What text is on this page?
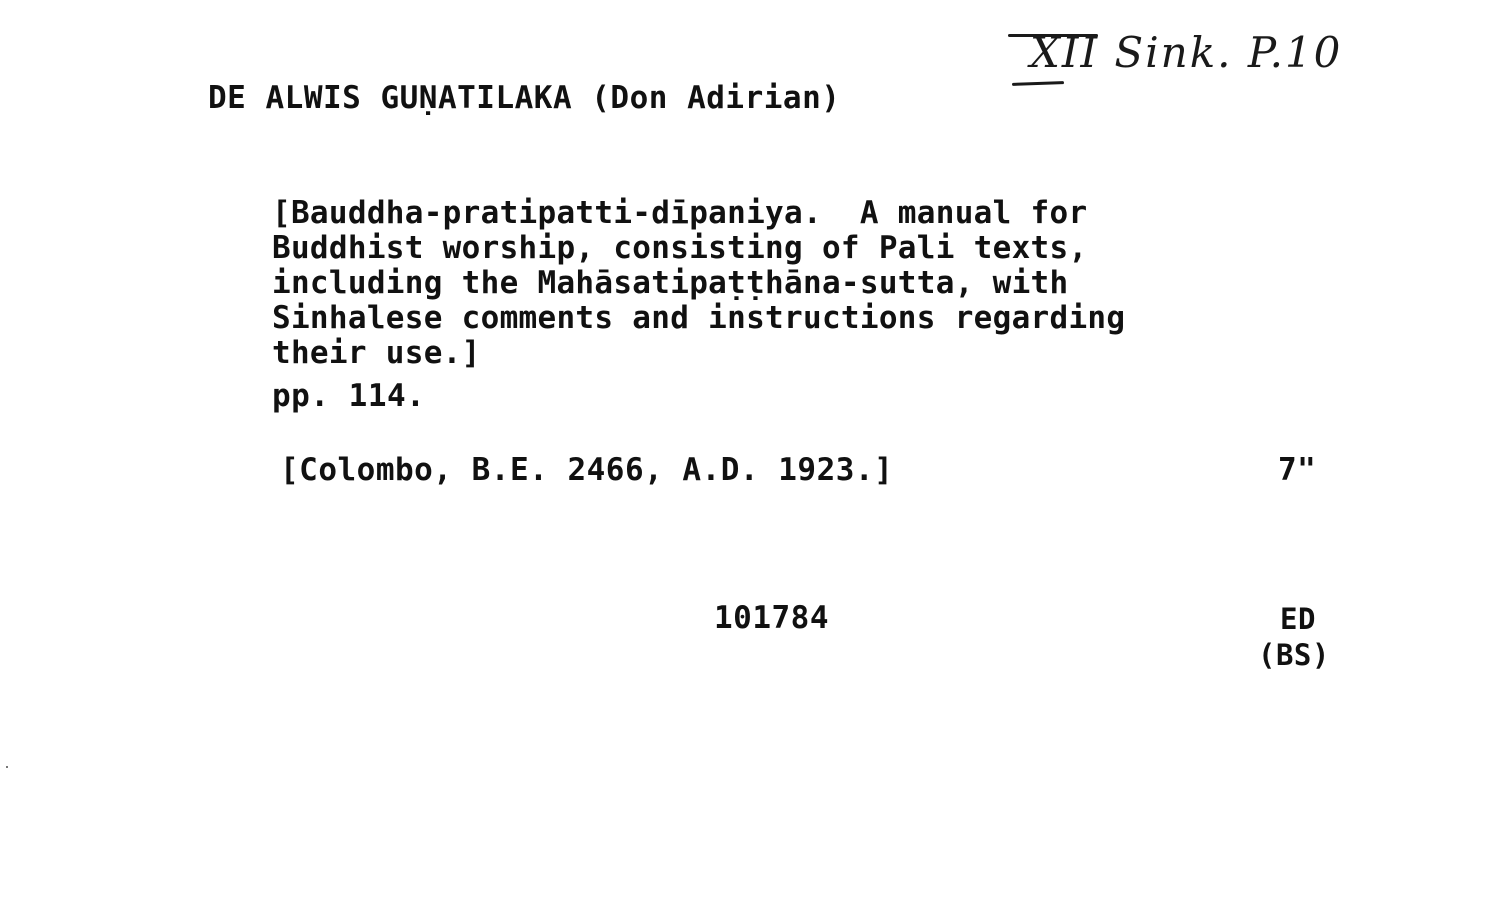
DE ALWIS GUṆATILAKA (Don Adirian)
XII Sink. P.10
[Bauddha-pratipatti-dīpaniya.  A manual for
Buddhist worship, consisting of Pali texts,
including the Mahāsatipaṭṭhāna-sutta, with
Sinhalese comments and instructions regarding
their use.]
pp. 114.
[Colombo, B.E. 2466, A.D. 1923.]	7"
101784	ED
(BS)
